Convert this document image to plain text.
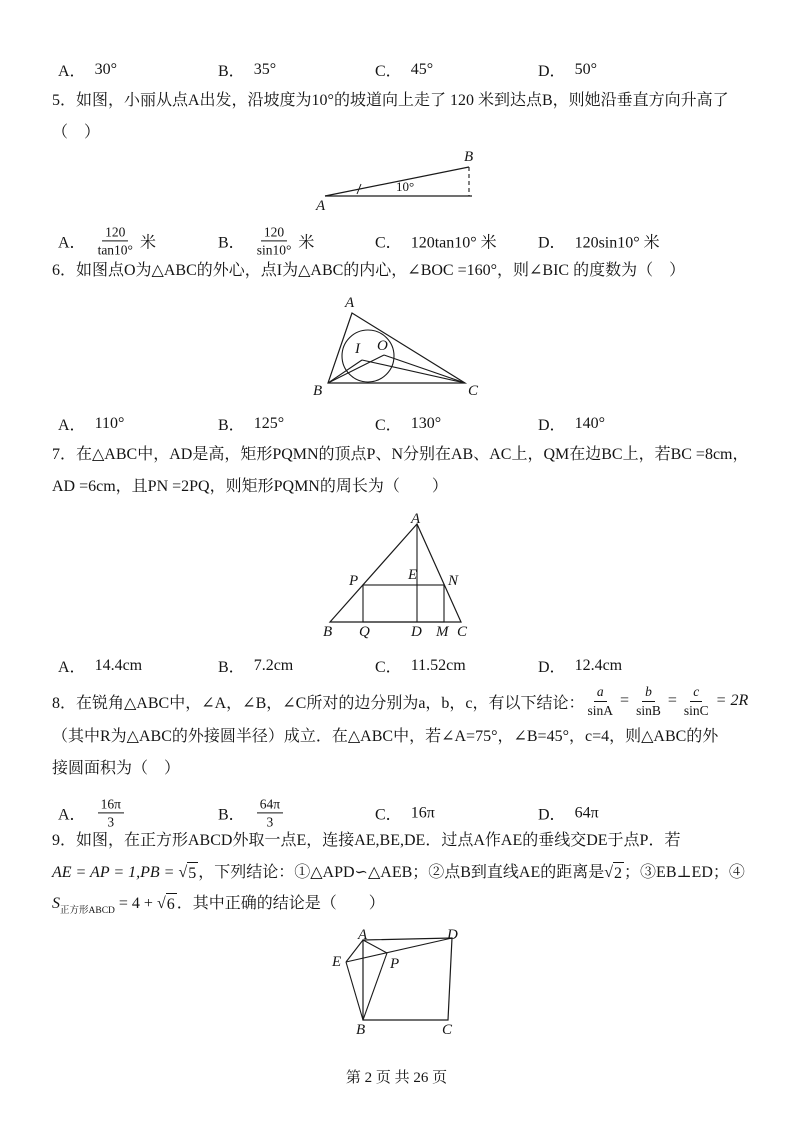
A． 30°	B． 35°	C． 45°	D． 50°
5．如图，小丽从点A出发，沿坡度为10°的坡道向上走了 120 米到达点B，则她沿垂直方向升高了
（　）
A
B
10°
A． $\frac{120}{\tan 10^\circ}$ 米	B． $\frac{120}{\sin 10^\circ}$ 米	C． 120tan10° 米	D． 120sin10° 米
6．如图点O为△ABC的外心，点I为△ABC的内心，∠BOC =160°，则∠BIC 的度数为（　）
A
B	C
I O
A． 110°	B． 125°	C． 130°	D． 140°
7．在△ABC中，AD是高，矩形PQMN的顶点P、N分别在AB、AC上，QM在边BC上，若BC =8cm，
AD =6cm，且PN =2PQ，则矩形PQMN的周长为（　　）
A
B Q	D M C
P	E N
A． 14.4cm	B． 7.2cm	C． 11.52cm	D． 12.4cm
8．在锐角△ABC中，∠A，∠B，∠C所对的边分别为a，b，c，有以下结论： $\frac{a}{\sin A} = \frac{b}{\sin B} = \frac{c}{\sin C} = 2R$
（其中R为△ABC的外接圆半径）成立．在△ABC中，若∠A=75°，∠B=45°，c=4，则△ABC的外
接圆面积为（　）
A． $\frac{16\pi}{3}$	B． $\frac{64\pi}{3}$	C． 16π	D． 64π
9．如图，在正方形ABCD外取一点E，连接AE,BE,DE．过点A作AE的垂线交DE于点P．若
AE = AP = 1,PB = √ 5 ，下列结论：①△APD∽△AEB；②点B到直线AE的距离是 √ 2 ；③EB⊥ED；④
$S_{正方形ABCD} = 4$ + √ 6 ．其中正确的结论是（　　）
A	D
E	P
B	C
第 2 页 共 26 页
